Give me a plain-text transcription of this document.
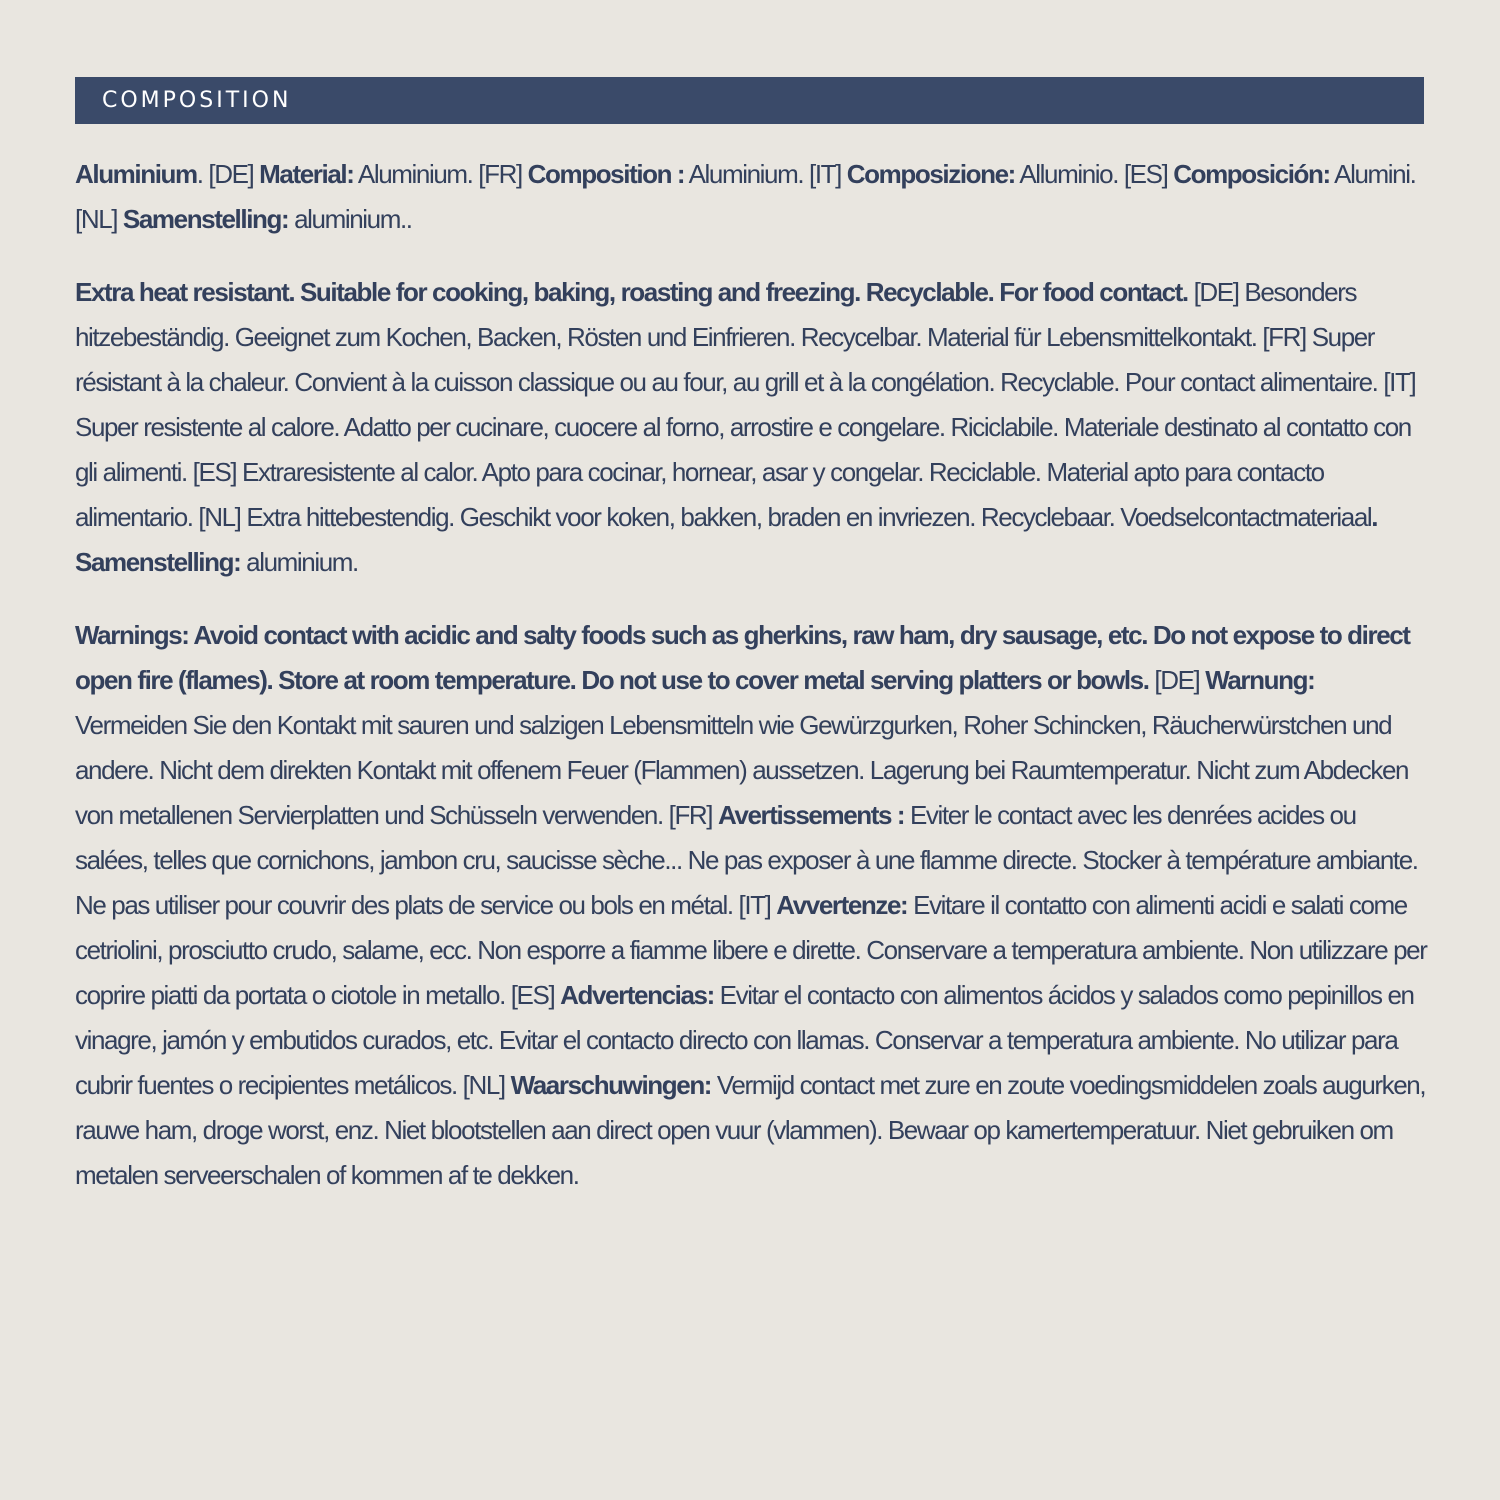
COMPOSITION

Aluminium. [DE] Material: Aluminium. [FR] Composition : Aluminium. [IT] Composizione: Alluminio. [ES] Composición: Alumini. [NL] Samenstelling: aluminium..

Extra heat resistant. Suitable for cooking, baking, roasting and freezing. Recyclable. For food contact. [DE] Besonders hitzebeständig. Geeignet zum Kochen, Backen, Rösten und Einfrieren. Recycelbar. Material für Lebensmittelkontakt. [FR] Super résistant à la chaleur. Convient à la cuisson classique ou au four, au grill et à la congélation. Recyclable. Pour contact alimentaire. [IT] Super resistente al calore. Adatto per cucinare, cuocere al forno, arrostire e congelare. Riciclabile. Materiale destinato al contatto con gli alimenti. [ES] Extraresistente al calor. Apto para cocinar, hornear, asar y congelar. Reciclable. Material apto para contacto alimentario. [NL] Extra hittebestendig. Geschikt voor koken, bakken, braden en invriezen. Recyclebaar. Voedselcontactmateriaal. Samenstelling: aluminium.

Warnings: Avoid contact with acidic and salty foods such as gherkins, raw ham, dry sausage, etc. Do not expose to direct open fire (flames). Store at room temperature. Do not use to cover metal serving platters or bowls. [DE] Warnung: Vermeiden Sie den Kontakt mit sauren und salzigen Lebensmitteln wie Gewürzgurken, Roher Schincken, Räucherwürstchen und andere. Nicht dem direkten Kontakt mit offenem Feuer (Flammen) aussetzen. Lagerung bei Raumtemperatur. Nicht zum Abdecken von metallenen Servierplatten und Schüsseln verwenden. [FR] Avertissements : Eviter le contact avec les denrées acides ou salées, telles que cornichons, jambon cru, saucisse sèche... Ne pas exposer à une flamme directe. Stocker à température ambiante. Ne pas utiliser pour couvrir des plats de service ou bols en métal. [IT] Avvertenze: Evitare il contatto con alimenti acidi e salati come cetriolini, prosciutto crudo, salame, ecc. Non esporre a fiamme libere e dirette. Conservare a temperatura ambiente. Non utilizzare per coprire piatti da portata o ciotole in metallo. [ES] Advertencias: Evitar el contacto con alimentos ácidos y salados como pepinillos en vinagre, jamón y embutidos curados, etc. Evitar el contacto directo con llamas. Conservar a temperatura ambiente. No utilizar para cubrir fuentes o recipientes metálicos. [NL] Waarschuwingen: Vermijd contact met zure en zoute voedingsmiddelen zoals augurken, rauwe ham, droge worst, enz. Niet blootstellen aan direct open vuur (vlammen). Bewaar op kamertemperatuur. Niet gebruiken om metalen serveerschalen of kommen af te dekken.
